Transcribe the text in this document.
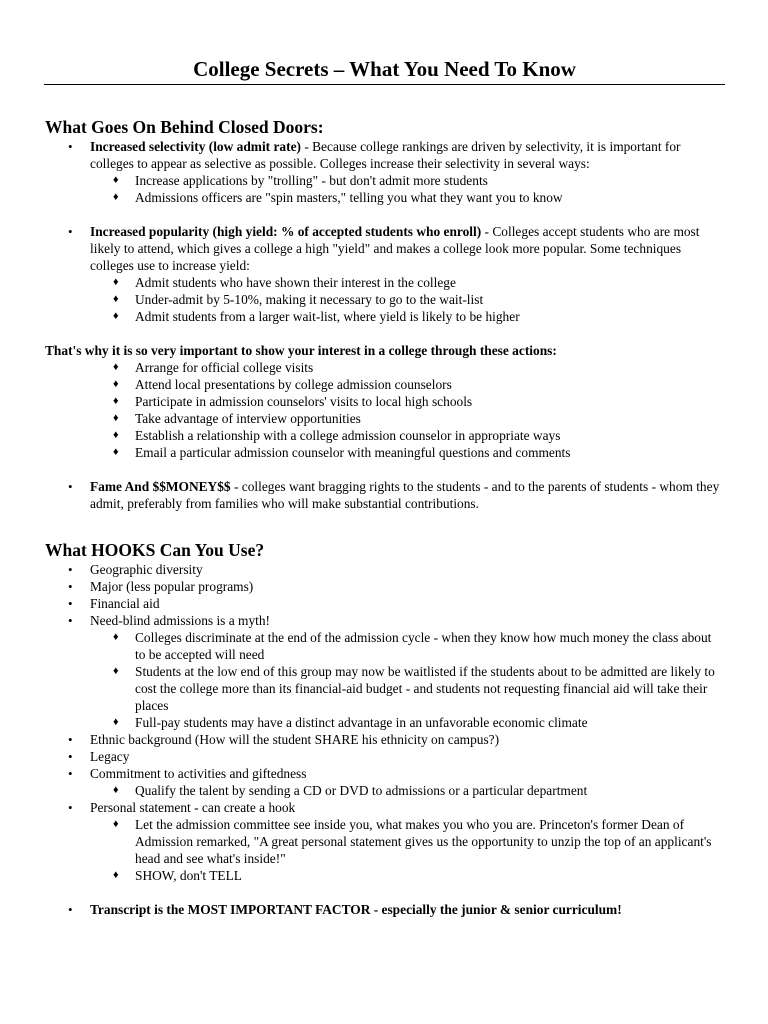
College Secrets – What You Need To Know
What Goes On Behind Closed Doors:
• Increased selectivity (low admit rate) - Because college rankings are driven by selectivity, it is important for colleges to appear as selective as possible. Colleges increase their selectivity in several ways:
♦ Increase applications by "trolling" - but don't admit more students
♦ Admissions officers are "spin masters," telling you what they want you to know
• Increased popularity (high yield: % of accepted students who enroll) - Colleges accept students who are most likely to attend, which gives a college a high "yield" and makes a college look more popular. Some techniques colleges use to increase yield:
♦ Admit students who have shown their interest in the college
♦ Under-admit by 5-10%, making it necessary to go to the wait-list
♦ Admit students from a larger wait-list, where yield is likely to be higher
That's why it is so very important to show your interest in a college through these actions:
♦ Arrange for official college visits
♦ Attend local presentations by college admission counselors
♦ Participate in admission counselors' visits to local high schools
♦ Take advantage of interview opportunities
♦ Establish a relationship with a college admission counselor in appropriate ways
♦ Email a particular admission counselor with meaningful questions and comments
• Fame And $$MONEY$$ - colleges want bragging rights to the students - and to the parents of students - whom they admit, preferably from families who will make substantial contributions.
What HOOKS Can You Use?
• Geographic diversity
• Major (less popular programs)
• Financial aid
• Need-blind admissions is a myth!
♦ Colleges discriminate at the end of the admission cycle - when they know how much money the class about to be accepted will need
♦ Students at the low end of this group may now be waitlisted if the students about to be admitted are likely to cost the college more than its financial-aid budget - and students not requesting financial aid will take their places
♦ Full-pay students may have a distinct advantage in an unfavorable economic climate
• Ethnic background (How will the student SHARE his ethnicity on campus?)
• Legacy
• Commitment to activities and giftedness
♦ Qualify the talent by sending a CD or DVD to admissions or a particular department
• Personal statement - can create a hook
♦ Let the admission committee see inside you, what makes you who you are. Princeton's former Dean of Admission remarked, "A great personal statement gives us the opportunity to unzip the top of an applicant's head and see what's inside!"
♦ SHOW, don't TELL
• Transcript is the MOST IMPORTANT FACTOR - especially the junior & senior curriculum!
